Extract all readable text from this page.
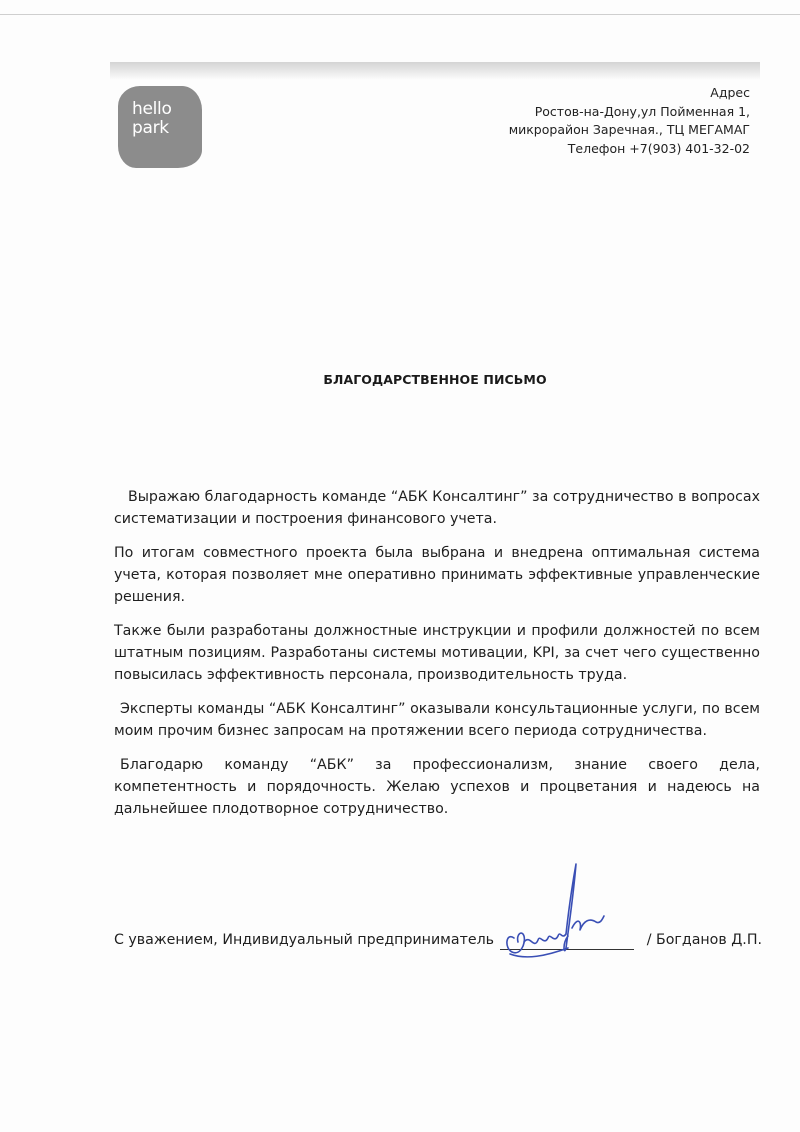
hello
park
Адрес
Ростов-на-Дону,ул Пойменная 1,
микрорайон Заречная., ТЦ МЕГАМАГ
Телефон +7(903) 401-32-02
БЛАГОДАРСТВЕННОЕ ПИСЬМО

Выражаю благодарность команде “АБК Консалтинг” за сотрудничество в вопросах систематизации и построения финансового учета.

По итогам совместного проекта была выбрана и внедрена оптимальная система учета, которая позволяет мне оперативно принимать эффективные управленческие решения.

Также были разработаны должностные инструкции и профили должностей по всем штатным позициям. Разработаны системы мотивации, KPI, за счет чего существенно повысилась эффективность персонала, производительность труда.

Эксперты команды “АБК Консалтинг” оказывали консультационные услуги, по всем моим прочим бизнес запросам на протяжении всего периода сотрудничества.

Благодарю команду “АБК” за профессионализм, знание своего дела, компетентность и порядочность. Желаю успехов и процветания и надеюсь на дальнейшее плодотворное сотрудничество.

С уважением, Индивидуальный предприниматель	/ Богданов Д.П.
